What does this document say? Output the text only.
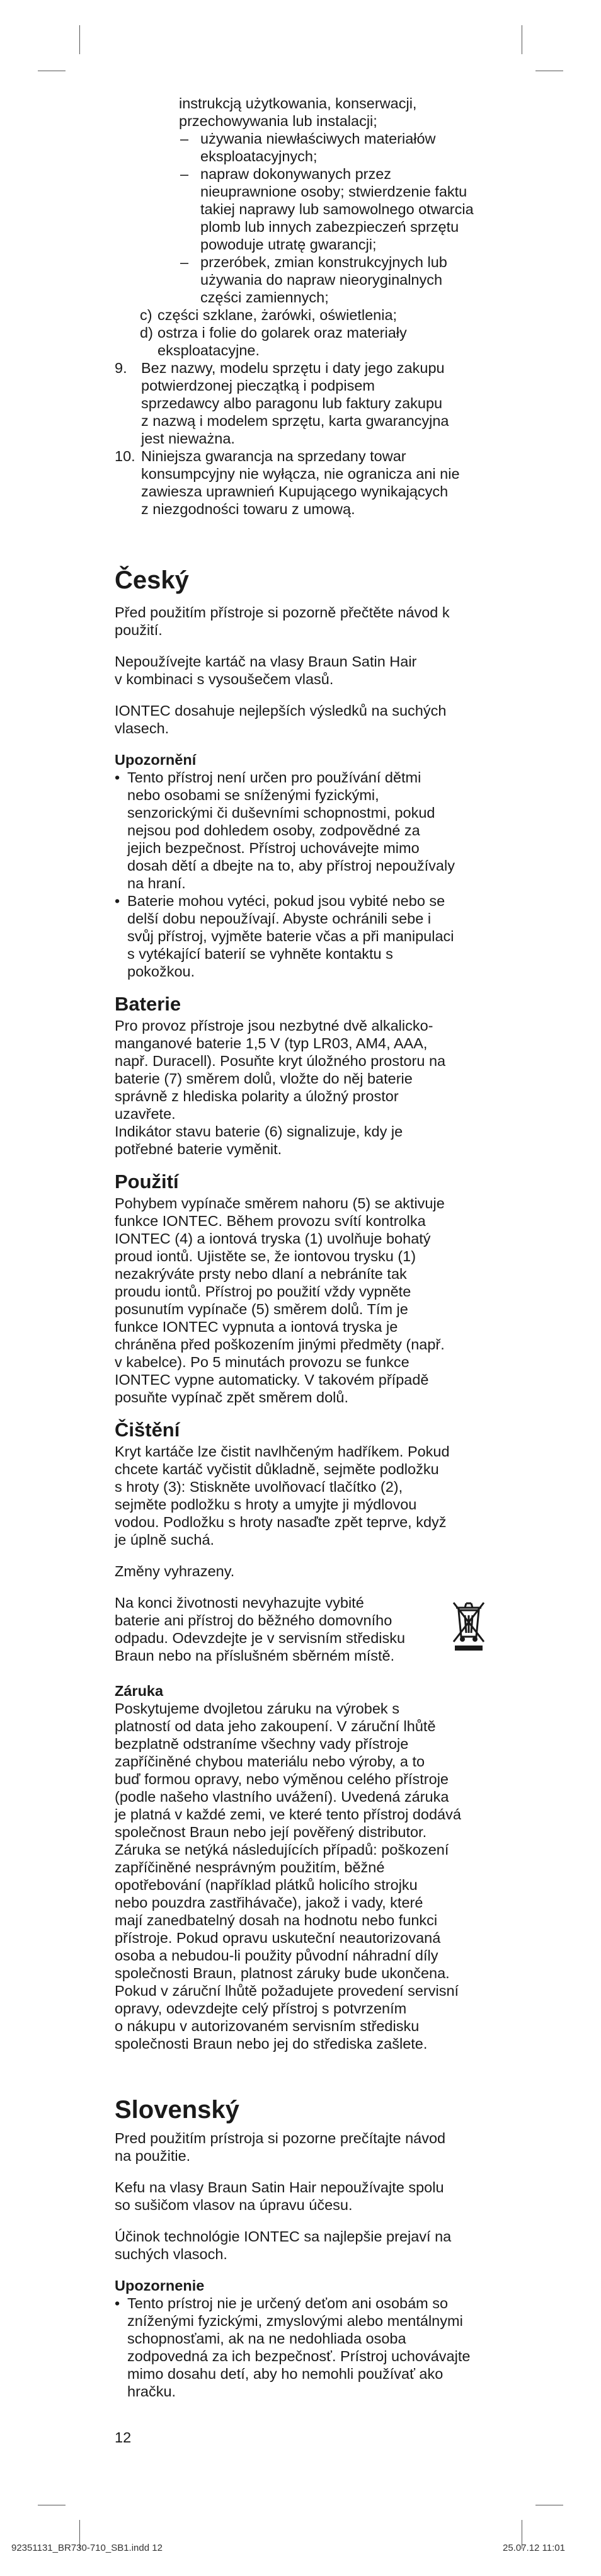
instrukcją użytkowania, konserwacji,
przechowywania lub instalacji;
– używania niewłaściwych materiałów
eksploatacyjnych;
– napraw dokonywanych przez
nieuprawnione osoby; stwierdzenie faktu
takiej naprawy lub samowolnego otwarcia
plomb lub innych zabezpieczeń sprzętu
powoduje utratę gwarancji;
– przeróbek, zmian konstrukcyjnych lub
używania do napraw nieoryginalnych
części zamiennych;
c) części szklane, żarówki, oświetlenia;
d) ostrza i folie do golarek oraz materiały
eksploatacyjne.
9. Bez nazwy, modelu sprzętu i daty jego zakupu
potwierdzonej pieczątką i podpisem
sprzedawcy albo paragonu lub faktury zakupu
z nazwą i modelem sprzętu, karta gwarancyjna
jest nieważna.
10. Niniejsza gwarancja na sprzedany towar
konsumpcyjny nie wyłącza, nie ogranicza ani nie
zawiesza uprawnień Kupującego wynikających
z niezgodności towaru z umową.
Český
Před použitím přístroje si pozorně přečtěte návod k
použití.
Nepoužívejte kartáč na vlasy Braun Satin Hair
v kombinaci s vysoušečem vlasů.
IONTEC dosahuje nejlepších výsledků na suchých
vlasech.
Upozornění
• Tento přístroj není určen pro používání dětmi
nebo osobami se sníženými fyzickými,
senzorickými či duševními schopnostmi, pokud
nejsou pod dohledem osoby, zodpovědné za
jejich bezpečnost. Přístroj uchovávejte mimo
dosah dětí a dbejte na to, aby přístroj nepoužívaly
na hraní.
• Baterie mohou vytéci, pokud jsou vybité nebo se
delší dobu nepoužívají. Abyste ochránili sebe i
svůj přístroj, vyjměte baterie včas a při manipulaci
s vytékající baterií se vyhněte kontaktu s
pokožkou.
Baterie
Pro provoz přístroje jsou nezbytné dvě alkalicko-
manganové baterie 1,5 V (typ LR03, AM4, AAA,
např. Duracell). Posuňte kryt úložného prostoru na
baterie (7) směrem dolů, vložte do něj baterie
správně z hlediska polarity a úložný prostor
uzavřete.
Indikátor stavu baterie (6) signalizuje, kdy je
potřebné baterie vyměnit.
Použití
Pohybem vypínače směrem nahoru (5) se aktivuje
funkce IONTEC. Během provozu svítí kontrolka
IONTEC (4) a iontová tryska (1) uvolňuje bohatý
proud iontů. Ujistěte se, že iontovou trysku (1)
nezakrýváte prsty nebo dlaní a nebráníte tak
proudu iontů. Přístroj po použití vždy vypněte
posunutím vypínače (5) směrem dolů. Tím je
funkce IONTEC vypnuta a iontová tryska je
chráněna před poškozením jinými předměty (např.
v kabelce). Po 5 minutách provozu se funkce
IONTEC vypne automaticky. V takovém případě
posuňte vypínač zpět směrem dolů.
Čištění
Kryt kartáče lze čistit navlhčeným hadříkem. Pokud
chcete kartáč vyčistit důkladně, sejměte podložku
s hroty (3): Stiskněte uvolňovací tlačítko (2),
sejměte podložku s hroty a umyjte ji mýdlovou
vodou. Podložku s hroty nasaďte zpět teprve, když
je úplně suchá.
Změny vyhrazeny.
Na konci životnosti nevyhazujte vybité
baterie ani přístroj do běžného domovního
odpadu. Odevzdejte je v servisním středisku
Braun nebo na příslušném sběrném místě.
Záruka
Poskytujeme dvojletou záruku na výrobek s
platností od data jeho zakoupení. V záruční lhůtě
bezplatně odstraníme všechny vady přístroje
zapříčiněné chybou materiálu nebo výroby, a to
buď formou opravy, nebo výměnou celého přístroje
(podle našeho vlastního uvážení). Uvedená záruka
je platná v každé zemi, ve které tento přístroj dodává
společnost Braun nebo její pověřený distributor.
Záruka se netýká následujících případů: poškození
zapříčiněné nesprávným použitím, běžné
opotřebování (například plátků holicího strojku
nebo pouzdra zastřihávače), jakož i vady, které
mají zanedbatelný dosah na hodnotu nebo funkci
přístroje. Pokud opravu uskuteční neautorizovaná
osoba a nebudou-li použity původní náhradní díly
společnosti Braun, platnost záruky bude ukončena.
Pokud v záruční lhůtě požadujete provedení servisní
opravy, odevzdejte celý přístroj s potvrzením
o nákupu v autorizovaném servisním středisku
společnosti Braun nebo jej do střediska zašlete.
Slovenský
Pred použitím prístroja si pozorne prečítajte návod
na použitie.
Kefu na vlasy Braun Satin Hair nepoužívajte spolu
so sušičom vlasov na úpravu účesu.
Účinok technológie IONTEC sa najlepšie prejaví na
suchých vlasoch.
Upozornenie
• Tento prístroj nie je určený deťom ani osobám so
zníženými fyzickými, zmyslovými alebo mentálnymi
schopnosťami, ak na ne nedohliada osoba
zodpovedná za ich bezpečnosť. Prístroj uchovávajte
mimo dosahu detí, aby ho nemohli používať ako
hračku.
12
92351131_BR730-710_SB1.indd 12	25.07.12 11:01
